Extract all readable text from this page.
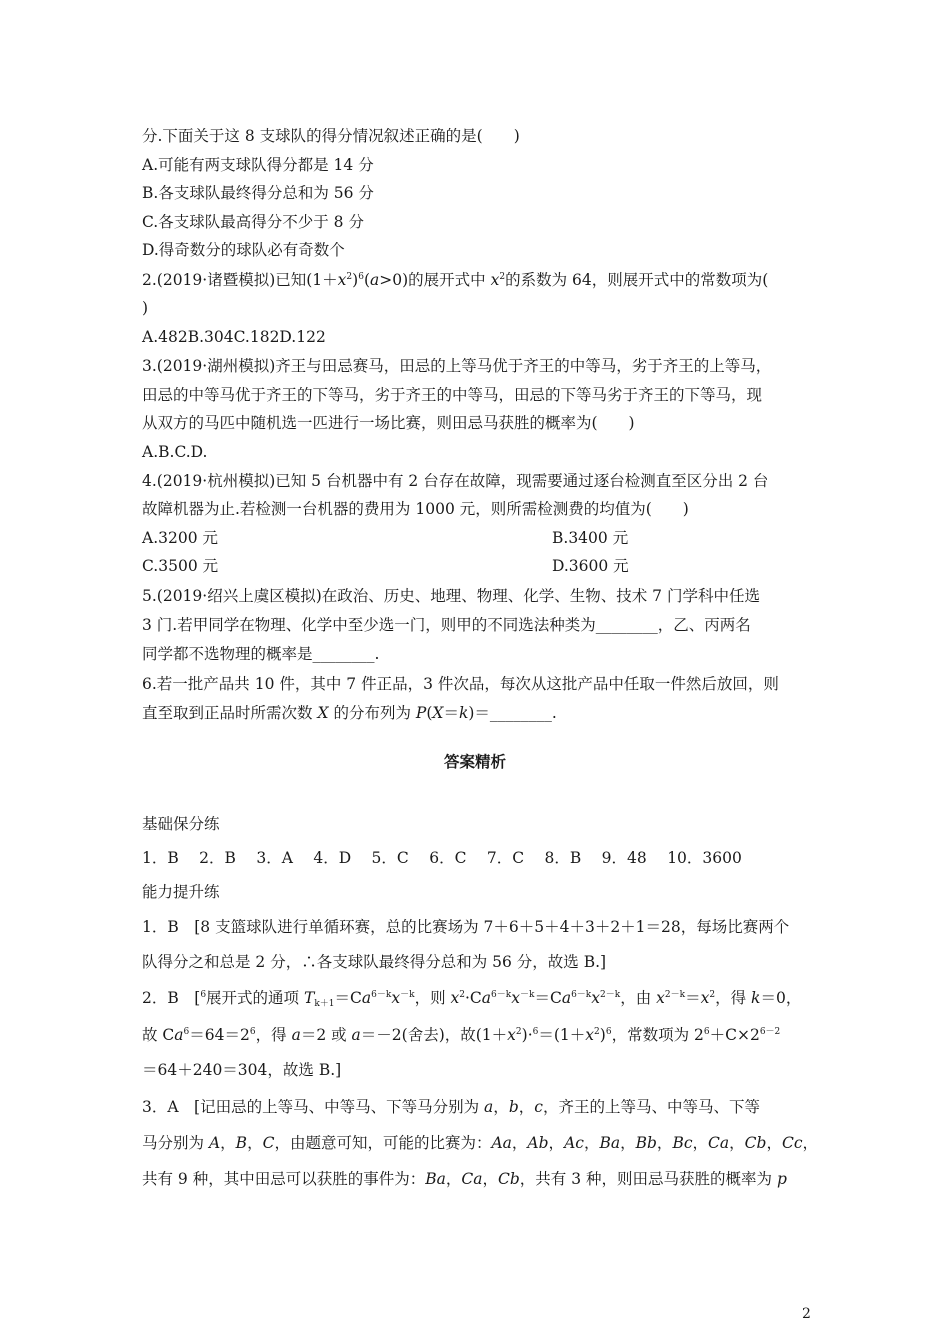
分.下面关于这 8 支球队的得分情况叙述正确的是(　　)
A.可能有两支球队得分都是 14 分
B.各支球队最终得分总和为 56 分
C.各支球队最高得分不少于 8 分
D.得奇数分的球队必有奇数个
2.(2019·诸暨模拟)已知$(1+x^2)^6(a>0)$的展开式中 $x^2$的系数为 64，则展开式中的常数项为(
)
A.482B.304C.182D.122
3.(2019·湖州模拟)齐王与田忌赛马，田忌的上等马优于齐王的中等马，劣于齐王的上等马，
田忌的中等马优于齐王的下等马，劣于齐王的中等马，田忌的下等马劣于齐王的下等马，现
从双方的马匹中随机选一匹进行一场比赛，则田忌马获胜的概率为(　　)
A.B.C.D.
4.(2019·杭州模拟)已知 5 台机器中有 2 台存在故障，现需要通过逐台检测直至区分出 2 台
故障机器为止.若检测一台机器的费用为 1000 元，则所需检测费的均值为(　　)
A.3200 元	B.3400 元
C.3500 元	D.3600 元
5.(2019·绍兴上虞区模拟)在政治、历史、地理、物理、化学、生物、技术 7 门学科中任选
3 门.若甲同学在物理、化学中至少选一门，则甲的不同选法种类为________，乙、丙两名
同学都不选物理的概率是________.
6.若一批产品共 10 件，其中 7 件正品，3 件次品，每次从这批产品中任取一件然后放回，则
直至取到正品时所需次数 X 的分布列为 P(X＝k)＝________.
答案精析
基础保分练
1．B　 2．B　 3．A　 4．D　 5．C　 6．C　 7．C　 8．B　 9．48　 10．3600
能力提升练
1．B　[8 支篮球队进行单循环赛，总的比赛场为 7＋6＋5＋4＋3＋2＋1＝28，每场比赛两个
队得分之和总是 2 分，∴各支球队最终得分总和为 56 分，故选 B.]
2．B　[$^6$展开式的通项 $T_{k+1}=Ca^{6-k}x^{-k}$，则 $x^2\cdot Ca^{6-k}x^{-k}=Ca^{6-k}x^{2-k}$，由 $x^{2-k}=x^2$，得 k＝0，
故 $Ca^6=64=2^6$，得 a＝2 或 a＝－2(舍去)，故$(1+x^2)\cdot^6=(1+x^2)^6$，常数项为 $2^6+C\times 2^{6-2}$
＝64＋240＝304，故选 B.]
3．A　[记田忌的上等马、中等马、下等马分别为 a，b，c，齐王的上等马、中等马、下等
马分别为 A，B，C，由题意可知，可能的比赛为：Aa，Ab，Ac，Ba，Bb，Bc，Ca，Cb，Cc，
共有 9 种，其中田忌可以获胜的事件为：Ba，Ca，Cb，共有 3 种，则田忌马获胜的概率为 p
2
